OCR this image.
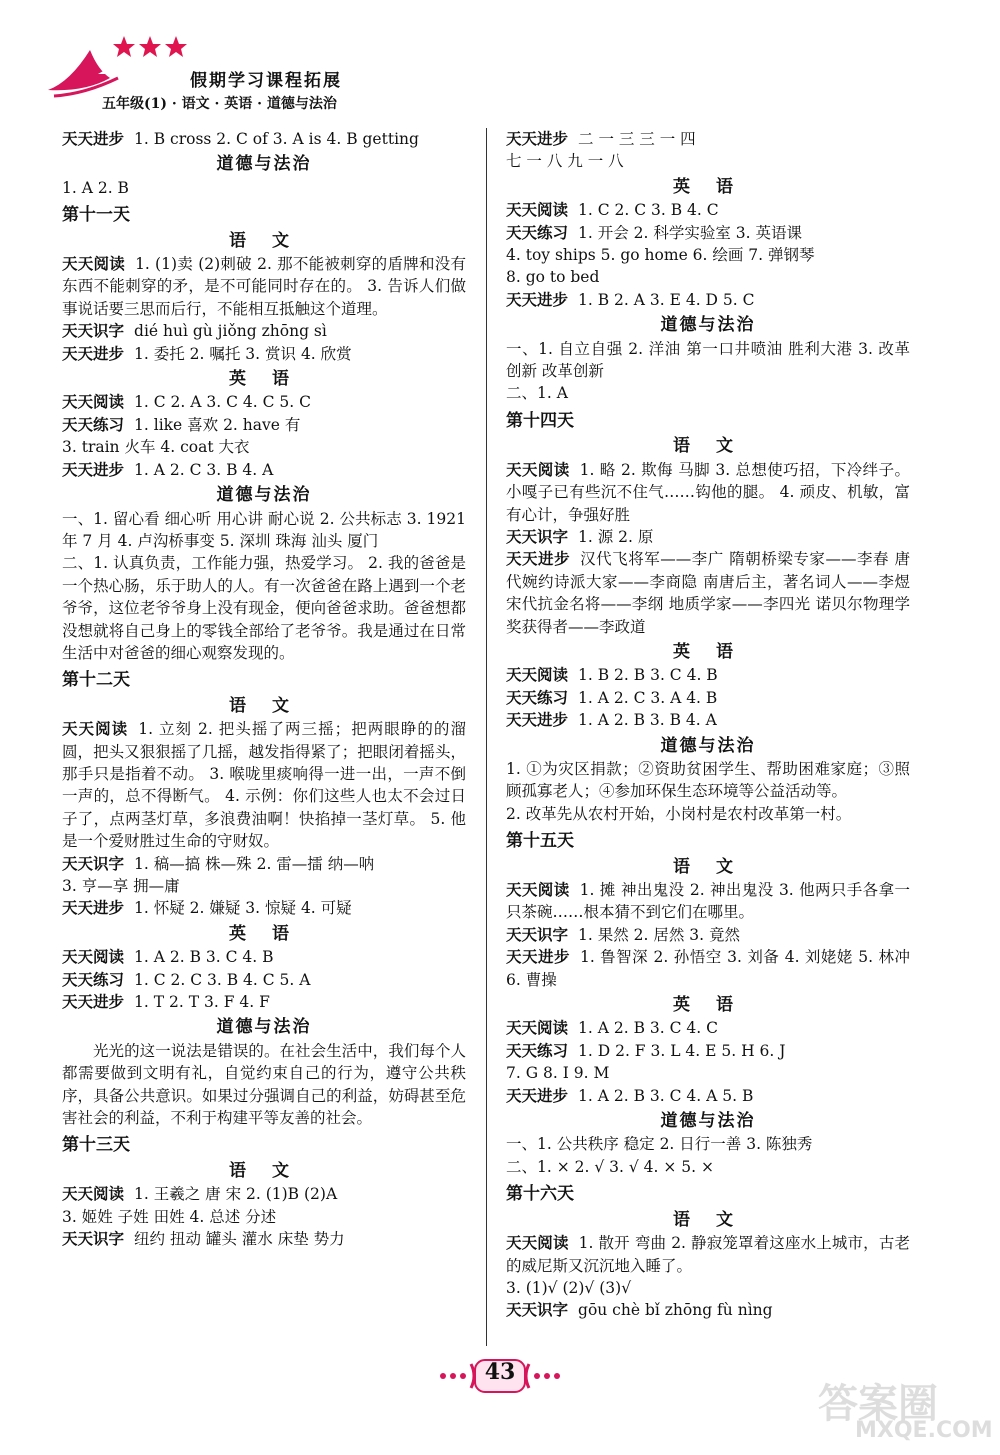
假期学习课程拓展
五年级(1) · 语文 · 英语 · 道德与法治
天天进步 1. B cross 2. C of 3. A is 4. B getting
道德与法治
1. A 2. B
第十一天
语 文
天天阅读 1. (1)卖 (2)刺破 2. 那不能被刺穿的盾牌和没有东西不能刺穿的矛，是不可能同时存在的。 3. 告诉人们做事说话要三思而后行，不能相互抵触这个道理。
天天识字 dié huì gù jiǒng zhōng sì
天天进步 1. 委托 2. 嘱托 3. 赏识 4. 欣赏
英 语
天天阅读 1. C 2. A 3. C 4. C 5. C
天天练习 1. like 喜欢 2. have 有
3. train 火车 4. coat 大衣
天天进步 1. A 2. C 3. B 4. A
道德与法治
一、1. 留心看 细心听 用心讲 耐心说 2. 公共标志 3. 1921 年 7 月 4. 卢沟桥事变 5. 深圳 珠海 汕头 厦门
二、1. 认真负责，工作能力强，热爱学习。 2. 我的爸爸是一个热心肠，乐于助人的人。有一次爸爸在路上遇到一个老爷爷，这位老爷爷身上没有现金，便向爸爸求助。爸爸想都没想就将自己身上的零钱全部给了老爷爷。我是通过在日常生活中对爸爸的细心观察发现的。
第十二天
语 文
天天阅读 1. 立刻 2. 把头摇了两三摇；把两眼睁的的溜圆，把头又狠狠摇了几摇，越发指得紧了；把眼闭着摇头，那手只是指着不动。 3. 喉咙里痰响得一进一出，一声不倒一声的，总不得断气。 4. 示例：你们这些人也太不会过日子了，点两茎灯草，多浪费油啊！快掐掉一茎灯草。 5. 他是一个爱财胜过生命的守财奴。
天天识字 1. 稿—搞 株—殊 2. 雷—擂 纳—呐
3. 亨—享 拥—庸
天天进步 1. 怀疑 2. 嫌疑 3. 惊疑 4. 可疑
英 语
天天阅读 1. A 2. B 3. C 4. B
天天练习 1. C 2. C 3. B 4. C 5. A
天天进步 1. T 2. T 3. F 4. F
道德与法治
光光的这一说法是错误的。在社会生活中，我们每个人都需要做到文明有礼，自觉约束自己的行为，遵守公共秩序，具备公共意识。如果过分强调自己的利益，妨碍甚至危害社会的利益，不利于构建平等友善的社会。
第十三天
语 文
天天阅读 1. 王羲之 唐 宋 2. (1)B (2)A
3. 姬姓 子姓 田姓 4. 总述 分述
天天识字 纽约 扭动 罐头 灌水 床垫 势力
天天进步 二 一 三 三 一 四
七 一 八 九 一 八
英 语
天天阅读 1. C 2. C 3. B 4. C
天天练习 1. 开会 2. 科学实验室 3. 英语课
4. toy ships 5. go home 6. 绘画 7. 弹钢琴
8. go to bed
天天进步 1. B 2. A 3. E 4. D 5. C
道德与法治
一、1. 自立自强 2. 洋油 第一口井喷油 胜利大港 3. 改革创新 改革创新
二、1. A
第十四天
语 文
天天阅读 1. 略 2. 欺侮 马脚 3. 总想使巧招，下冷绊子。 小嘎子已有些沉不住气……钩他的腿。 4. 顽皮、机敏，富有心计，争强好胜
天天识字 1. 源 2. 原
天天进步 汉代飞将军——李广 隋朝桥梁专家——李春 唐代婉约诗派大家——李商隐 南唐后主，著名词人——李煜 宋代抗金名将——李纲 地质学家——李四光 诺贝尔物理学奖获得者——李政道
英 语
天天阅读 1. B 2. B 3. C 4. B
天天练习 1. A 2. C 3. A 4. B
天天进步 1. A 2. B 3. B 4. A
道德与法治
1. ①为灾区捐款；②资助贫困学生、帮助困难家庭；③照顾孤寡老人；④参加环保生态环境等公益活动等。
2. 改革先从农村开始，小岗村是农村改革第一村。
第十五天
语 文
天天阅读 1. 摊 神出鬼没 2. 神出鬼没 3. 他两只手各拿一只茶碗……根本猜不到它们在哪里。
天天识字 1. 果然 2. 居然 3. 竟然
天天进步 1. 鲁智深 2. 孙悟空 3. 刘备 4. 刘姥姥 5. 林冲 6. 曹操
英 语
天天阅读 1. A 2. B 3. C 4. C
天天练习 1. D 2. F 3. L 4. E 5. H 6. J
7. G 8. I 9. M
天天进步 1. A 2. B 3. C 4. A 5. B
道德与法治
一、1. 公共秩序 稳定 2. 日行一善 3. 陈独秀
二、1. × 2. √ 3. √ 4. × 5. ×
第十六天
语 文
天天阅读 1. 散开 弯曲 2. 静寂笼罩着这座水上城市，古老的威尼斯又沉沉地入睡了。
3. (1)√ (2)√ (3)√
天天识字 gōu chè bǐ zhōng fù nìng
43
答案圈
MXQE.COM
